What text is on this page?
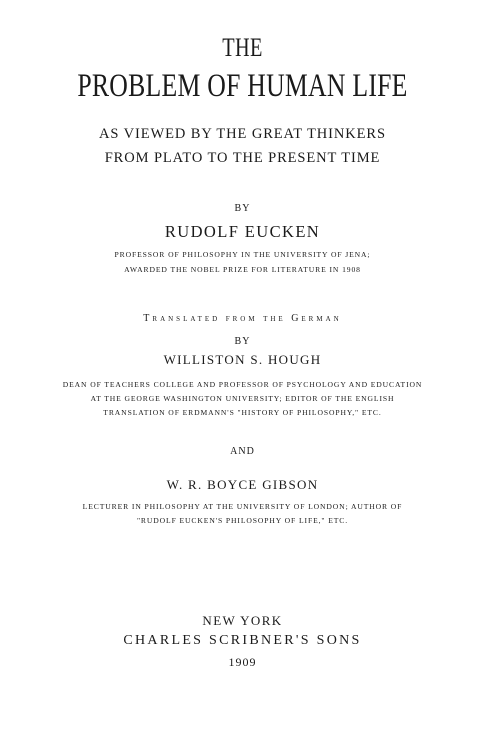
THE
PROBLEM OF HUMAN LIFE
AS VIEWED BY THE GREAT THINKERS
FROM PLATO TO THE PRESENT TIME
BY
RUDOLF EUCKEN
PROFESSOR OF PHILOSOPHY IN THE UNIVERSITY OF JENA;
AWARDED THE NOBEL PRIZE FOR LITERATURE IN 1908
Translated from the German
BY
WILLISTON S. HOUGH
DEAN OF TEACHERS COLLEGE AND PROFESSOR OF PSYCHOLOGY AND EDUCATION
AT THE GEORGE WASHINGTON UNIVERSITY; EDITOR OF THE ENGLISH
TRANSLATION OF ERDMANN'S "HISTORY OF PHILOSOPHY," ETC.
AND
W. R. BOYCE GIBSON
LECTURER IN PHILOSOPHY AT THE UNIVERSITY OF LONDON; AUTHOR OF
"RUDOLF EUCKEN'S PHILOSOPHY OF LIFE," ETC.
NEW YORK
CHARLES SCRIBNER'S SONS
1909
